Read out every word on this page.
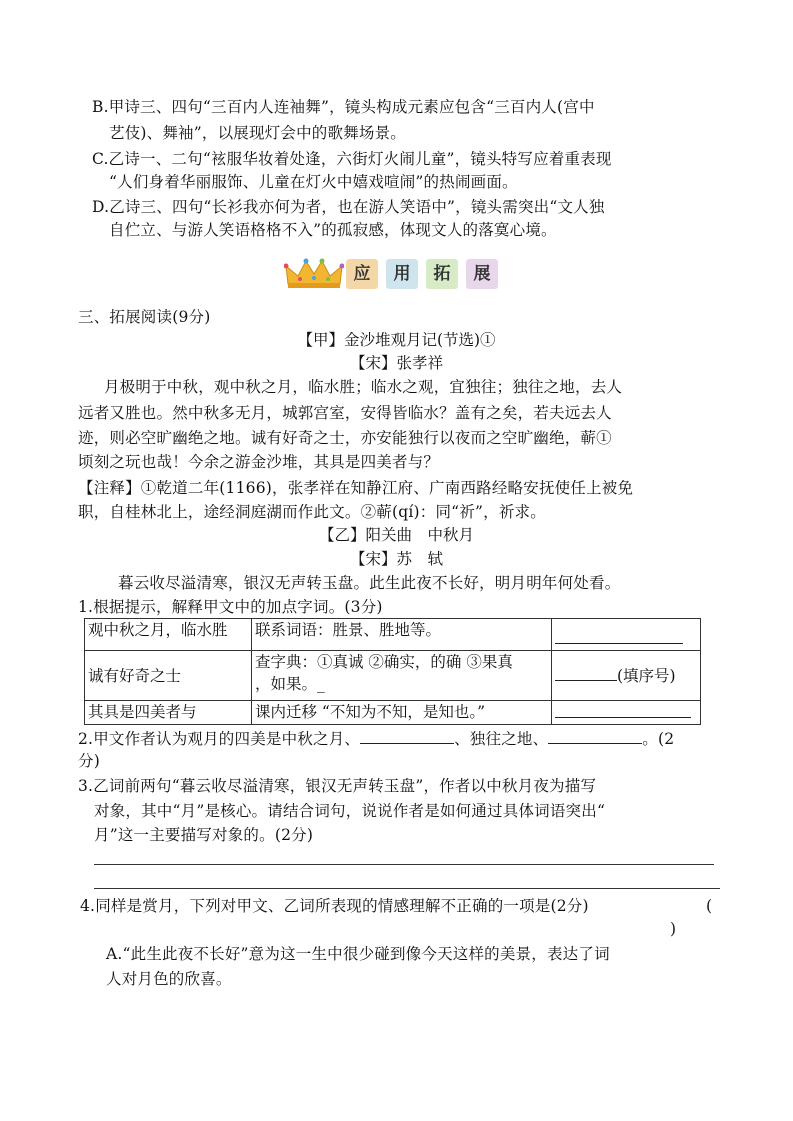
B.甲诗三、四句“三百内人连袖舞”，镜头构成元素应包含“三百内人(宫中
艺伎)、舞袖”，以展现灯会中的歌舞场景。
C.乙诗一、二句“袨服华妆着处逢，六街灯火闹儿童”，镜头特写应着重表现
“人们身着华丽服饰、儿童在灯火中嬉戏喧闹”的热闹画面。
D.乙诗三、四句“长衫我亦何为者，也在游人笑语中”，镜头需突出“文人独
自伫立、与游人笑语格格不入”的孤寂感，体现文人的落寞心境。
应	用	拓	展
三、拓展阅读(9分)
【甲】金沙堆观月记(节选)①
【宋】张孝祥
月极明于中秋，观中秋之月，临水胜；临水之观，宜独往；独往之地，去人
远者又胜也。然中秋多无月，城郭宫室，安得皆临水？盖有之矣，若夫远去人
迹，则必空旷幽绝之地。诚有好奇之士，亦安能独行以夜而之空旷幽绝，蕲①
顷刻之玩也哉！今余之游金沙堆，其具是四美者与？
【注释】①乾道二年(1166)，张孝祥在知静江府、广南西路经略安抚使任上被免
职，自桂林北上，途经洞庭湖而作此文。②蕲(qí)：同“祈”，祈求。
【乙】阳关曲　中秋月
【宋】苏　轼
暮云收尽溢清寒，银汉无声转玉盘。此生此夜不长好，明月明年何处看。
1.根据提示，解释甲文中的加点字词。(3分)
观中秋之月，临水胜	联系词语：胜景、胜地等。	
诚有好奇之士	查字典：①真诚 ②确实，的确 ③果真
，如果。_	(填序号)
其具是四美者与	课内迁移 “不知为不知，是知也。”	
2.甲文作者认为观月的四美是中秋之月、	、独往之地、	。(2
分)
3.乙词前两句“暮云收尽溢清寒，银汉无声转玉盘”，作者以中秋月夜为描写
对象，其中“月”是核心。请结合词句，说说作者是如何通过具体词语突出“
月”这一主要描写对象的。(2分)
4.同样是赏月，下列对甲文、乙词所表现的情感理解不正确的一项是(2分)	(
)
A.“此生此夜不长好”意为这一生中很少碰到像今天这样的美景，表达了词
人对月色的欣喜。
